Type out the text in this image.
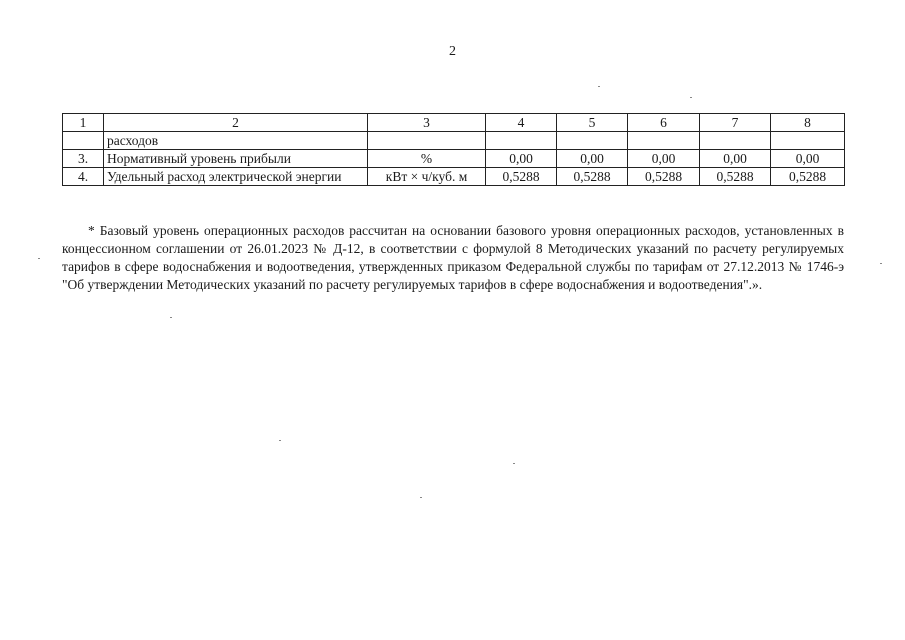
2
1	2	3	4	5	6	7	8
	расходов						
3.	Нормативный уровень прибыли	%	0,00	0,00	0,00	0,00	0,00
4.	Удельный расход электрической энергии	кВт × ч/куб. м	0,5288	0,5288	0,5288	0,5288	0,5288

* Базовый уровень операционных расходов рассчитан на основании базового уровня операционных расходов, установленных в концессионном соглашении от 26.01.2023 № Д-12, в соответствии с формулой 8 Методических указаний по расчету регулируемых тарифов в сфере водоснабжения и водоотведения, утвержденных приказом Федеральной службы по тарифам от 27.12.2013 № 1746-э "Об утверждении Методических указаний по расчету регулируемых тарифов в сфере водоснабжения и водоотведения".».
